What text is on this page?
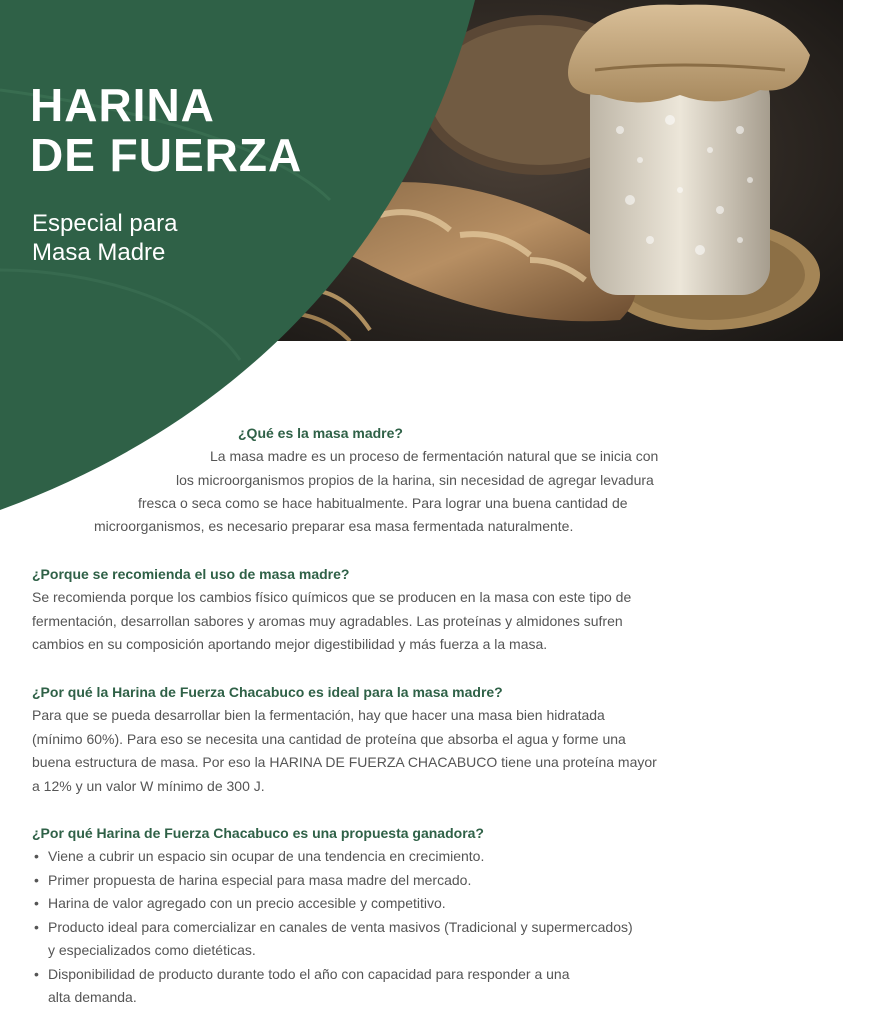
HARINA
DE FUERZA

Especial para
Masa Madre

¿Qué es la masa madre?

La masa madre es un proceso de fermentación natural que se inicia con

los microorganismos propios de la harina, sin necesidad de agregar levadura

fresca o seca como se hace habitualmente. Para lograr una buena cantidad de

microorganismos, es necesario preparar esa masa fermentada naturalmente.

¿Porque se recomienda el uso de masa madre?

Se recomienda porque los cambios físico químicos que se producen en la masa con este tipo de
fermentación, desarrollan sabores y aromas muy agradables. Las proteínas y almidones sufren
cambios en su composición aportando mejor digestibilidad y más fuerza a la masa.

¿Por qué la Harina de Fuerza Chacabuco es ideal para la masa madre?

Para que se pueda desarrollar bien la fermentación, hay que hacer una masa bien hidratada
(mínimo 60%). Para eso se necesita una cantidad de proteína que absorba el agua y forme una
buena estructura de masa. Por eso la HARINA DE FUERZA CHACABUCO tiene una proteína mayor
a 12% y un valor W mínimo de 300 J.

¿Por qué Harina de Fuerza Chacabuco es una propuesta ganadora?

• Viene a cubrir un espacio sin ocupar de una tendencia en crecimiento.
• Primer propuesta de harina especial para masa madre del mercado.
• Harina de valor agregado con un precio accesible y competitivo.
• Producto ideal para comercializar en canales de venta masivos (Tradicional y supermercados)
y especializados como dietéticas.
• Disponibilidad de producto durante todo el año con capacidad para responder a una
alta demanda.
